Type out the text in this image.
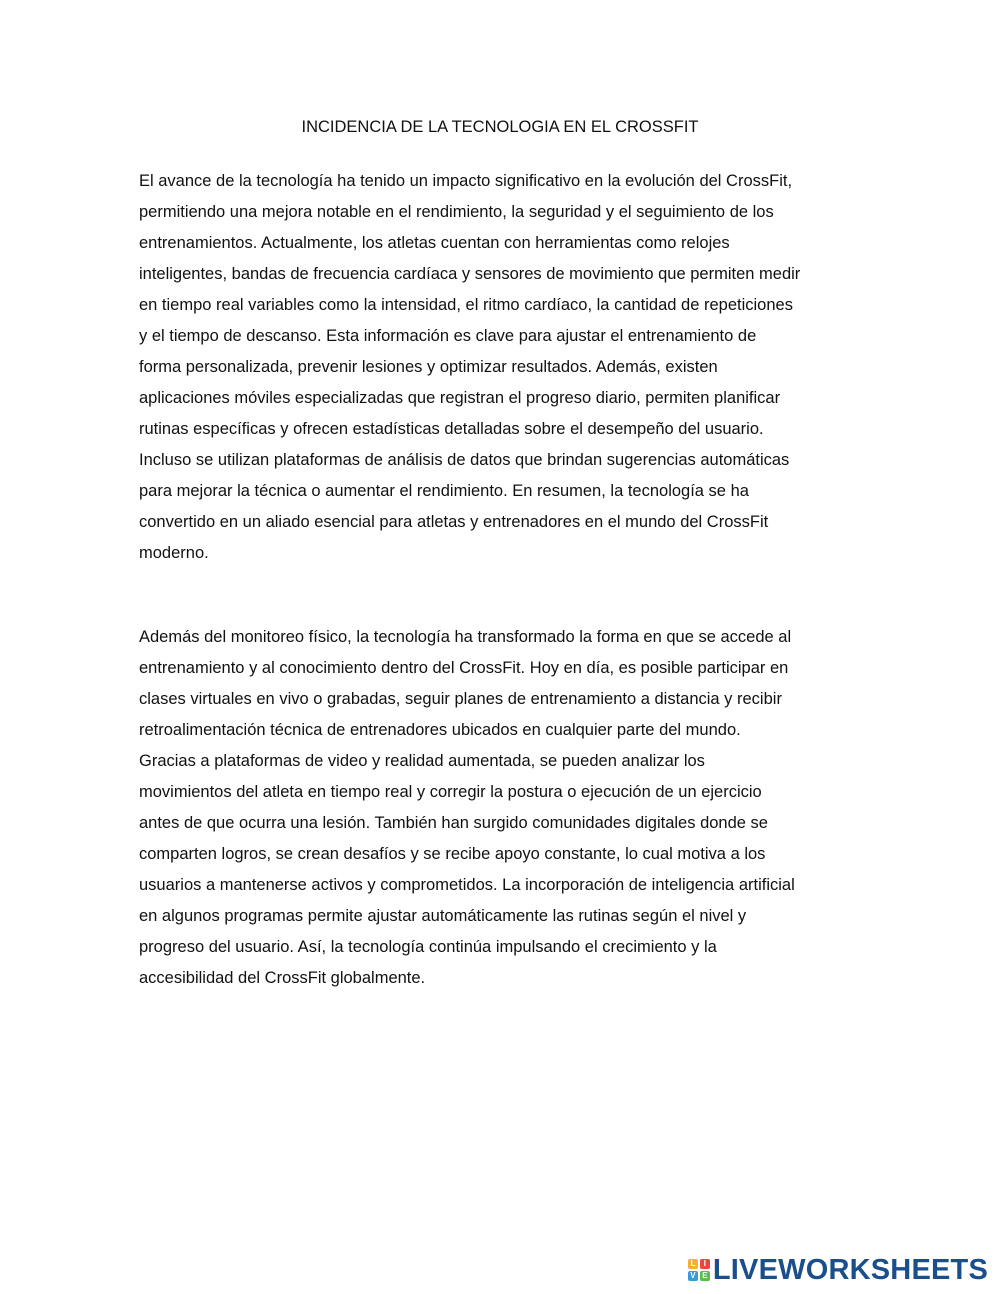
INCIDENCIA DE LA TECNOLOGIA EN EL CROSSFIT
El avance de la tecnología ha tenido un impacto significativo en la evolución del CrossFit,
permitiendo una mejora notable en el rendimiento, la seguridad y el seguimiento de los
entrenamientos. Actualmente, los atletas cuentan con herramientas como relojes
inteligentes, bandas de frecuencia cardíaca y sensores de movimiento que permiten medir
en tiempo real variables como la intensidad, el ritmo cardíaco, la cantidad de repeticiones
y el tiempo de descanso. Esta información es clave para ajustar el entrenamiento de
forma personalizada, prevenir lesiones y optimizar resultados. Además, existen
aplicaciones móviles especializadas que registran el progreso diario, permiten planificar
rutinas específicas y ofrecen estadísticas detalladas sobre el desempeño del usuario.
Incluso se utilizan plataformas de análisis de datos que brindan sugerencias automáticas
para mejorar la técnica o aumentar el rendimiento. En resumen, la tecnología se ha
convertido en un aliado esencial para atletas y entrenadores en el mundo del CrossFit
moderno.
Además del monitoreo físico, la tecnología ha transformado la forma en que se accede al
entrenamiento y al conocimiento dentro del CrossFit. Hoy en día, es posible participar en
clases virtuales en vivo o grabadas, seguir planes de entrenamiento a distancia y recibir
retroalimentación técnica de entrenadores ubicados en cualquier parte del mundo.
Gracias a plataformas de video y realidad aumentada, se pueden analizar los
movimientos del atleta en tiempo real y corregir la postura o ejecución de un ejercicio
antes de que ocurra una lesión. También han surgido comunidades digitales donde se
comparten logros, se crean desafíos y se recibe apoyo constante, lo cual motiva a los
usuarios a mantenerse activos y comprometidos. La incorporación de inteligencia artificial
en algunos programas permite ajustar automáticamente las rutinas según el nivel y
progreso del usuario. Así, la tecnología continúa impulsando el crecimiento y la
accesibilidad del CrossFit globalmente.
L	I
V E LIVEWORKSHEETS
